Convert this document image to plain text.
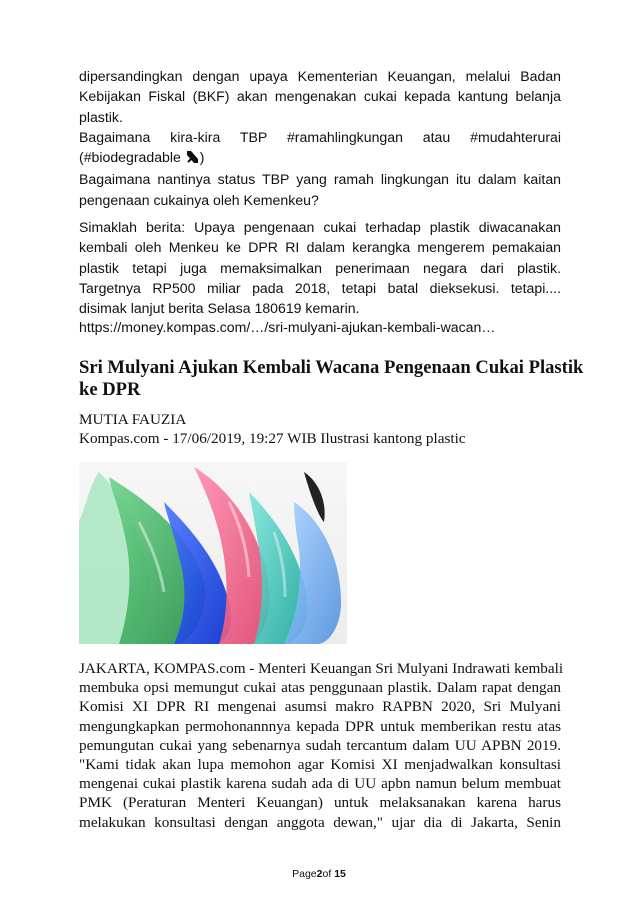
dipersandingkan dengan upaya Kementerian Keuangan, melalui Badan
Kebijakan Fiskal (BKF) akan mengenakan cukai kepada kantung belanja
plastik.
Bagaimana kira-kira TBP #ramahlingkungan atau #mudahterurai
(#biodegradable )
Bagaimana nantinya status TBP yang ramah lingkungan itu dalam kaitan
pengenaan cukainya oleh Kemenkeu?
Simaklah berita: Upaya pengenaan cukai terhadap plastik diwacanakan
kembali oleh Menkeu ke DPR RI dalam kerangka mengerem pemakaian
plastik tetapi juga memaksimalkan penerimaan negara dari plastik.
Targetnya RP500 miliar pada 2018, tetapi batal dieksekusi. tetapi....
disimak lanjut berita Selasa 180619 kemarin.
https://money.kompas.com/…/sri-mulyani-ajukan-kembali-wacan…
Sri Mulyani Ajukan Kembali Wacana Pengenaan Cukai Plastik
ke DPR
MUTIA FAUZIA
Kompas.com - 17/06/2019, 19:27 WIB Ilustrasi kantong plastic
JAKARTA, KOMPAS.com - Menteri Keuangan Sri Mulyani Indrawati kembali
membuka opsi memungut cukai atas penggunaan plastik. Dalam rapat dengan
Komisi XI DPR RI mengenai asumsi makro RAPBN 2020, Sri Mulyani
mengungkapkan permohonannnya kepada DPR untuk memberikan restu atas
pemungutan cukai yang sebenarnya sudah tercantum dalam UU APBN 2019.
"Kami tidak akan lupa memohon agar Komisi XI menjadwalkan konsultasi
mengenai cukai plastik karena sudah ada di UU apbn namun belum membuat
PMK (Peraturan Menteri Keuangan) untuk melaksanakan karena harus
melakukan konsultasi dengan anggota dewan," ujar dia di Jakarta, Senin
Page2of 15
